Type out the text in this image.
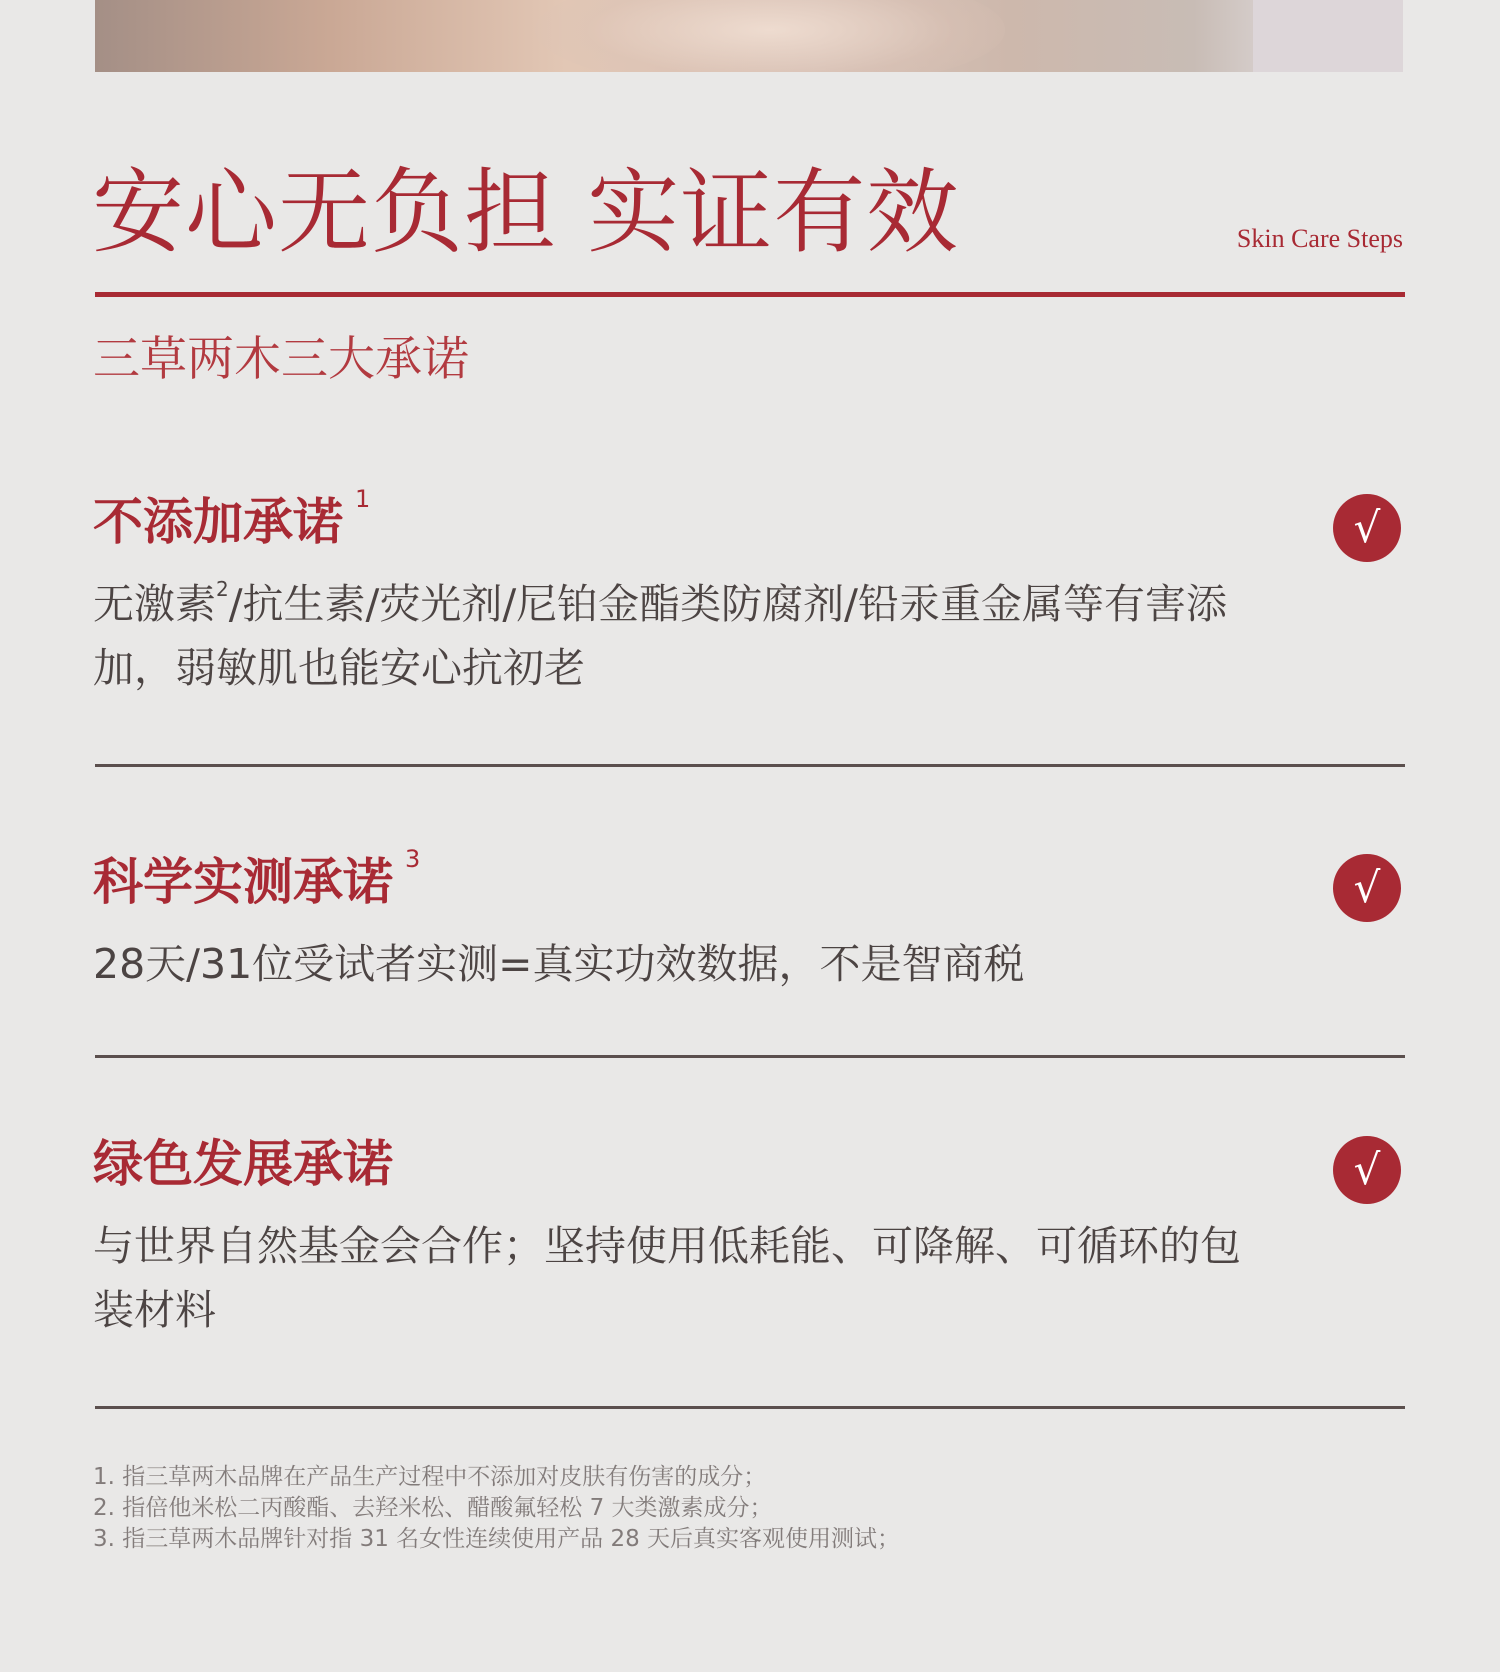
安心无负担 实证有效	Skin Care Steps
三草两木三大承诺
不添加承诺 $^1$
无激素$^2$/抗生素/荧光剂/尼铂金酯类防腐剂/铅汞重金属等有害添加，弱敏肌也能安心抗初老
√
科学实测承诺 $^3$
28天/31位受试者实测=真实功效数据，不是智商税
√
绿色发展承诺
与世界自然基金会合作；坚持使用低耗能、可降解、可循环的包装材料
√
1. 指三草两木品牌在产品生产过程中不添加对皮肤有伤害的成分；
2. 指倍他米松二丙酸酯、去羟米松、醋酸氟轻松 7 大类激素成分；
3. 指三草两木品牌针对指 31 名女性连续使用产品 28 天后真实客观使用测试；
